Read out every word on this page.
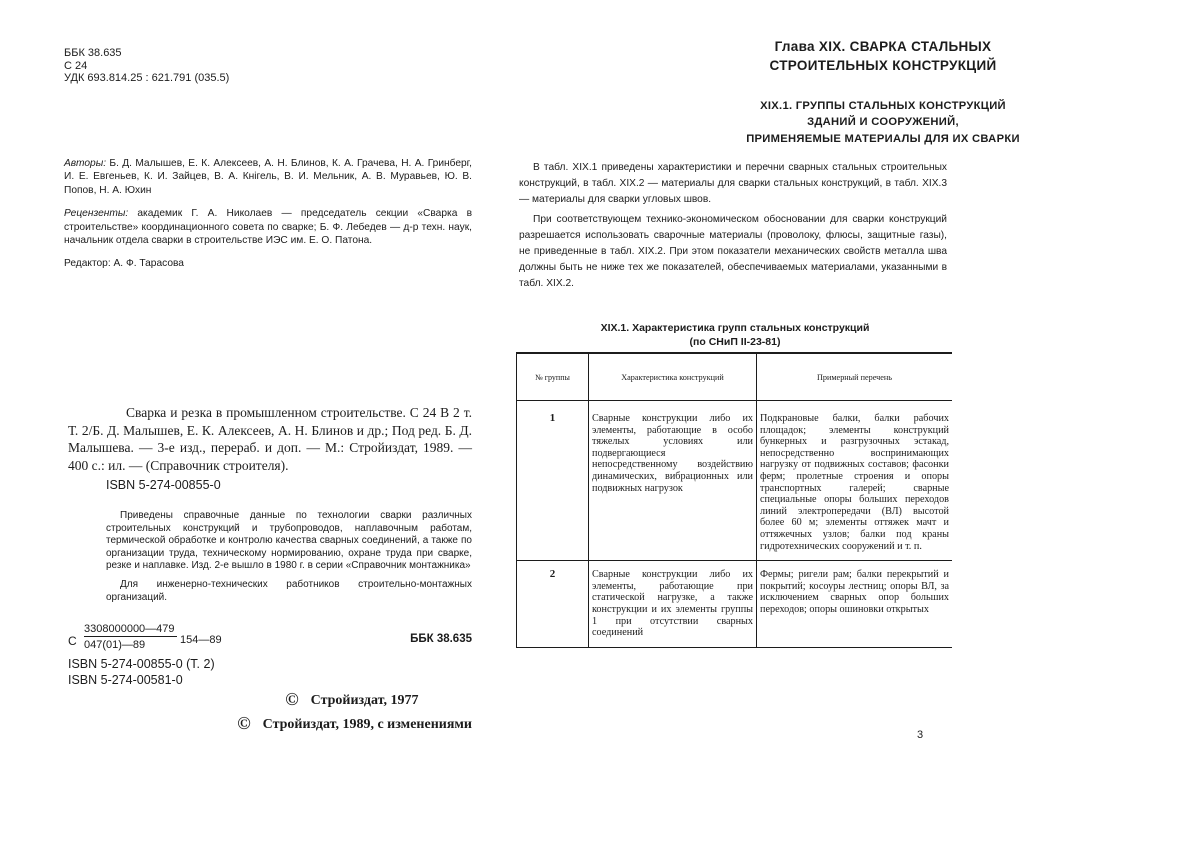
ББК 38.635
С 24
УДК 693.814.25 : 621.791 (035.5)

Авторы: Б. Д. Малышев, Е. К. Алексеев, А. Н. Блинов, К. А. Грачева, Н. А. Гринберг, И. Е. Евгеньев, К. И. Зайцев, В. А. Кнігель, В. И. Мельник, А. В. Муравьев, Ю. В. Попов, Н. А. Юхин

Рецензенты: академик Г. А. Николаев — председатель секции «Сварка в строительстве» координационного совета по сварке; Б. Ф. Лебедев — д-р техн. наук, начальник отдела сварки в строительстве ИЭС им. Е. О. Патона.

Редактор: А. Ф. Тарасова

Сварка и резка в промышленном строительстве. С 24 В 2 т. Т. 2/Б. Д. Малышев, Е. К. Алексеев, А. Н. Блинов и др.; Под ред. Б. Д. Малышева. — 3-е изд., перераб. и доп. — М.: Стройиздат, 1989. — 400 с.: ил. — (Справочник строителя).

ISBN 5-274-00855-0

Приведены справочные данные по технологии сварки различных строительных конструкций и трубопроводов, наплавочным работам, термической обработке и контролю качества сварных соединений, а также по организации труда, техническому нормированию, охране труда при сварке, резке и наплавке. Изд. 2-е вышло в 1980 г. в серии «Справочник монтажника»

Для инженерно-технических работников строительно-монтажных организаций.

С $\frac{3308000000—479}{047(01)—89}$ 154—89	ББК 38.635
ISBN 5-274-00855-0 (Т. 2)
ISBN 5-274-00581-0
© Стройиздат, 1977
© Стройиздат, 1989, с изменениями
Глава XIX. СВАРКА СТАЛЬНЫХ
СТРОИТЕЛЬНЫХ КОНСТРУКЦИЙ
XIX.1. ГРУППЫ СТАЛЬНЫХ КОНСТРУКЦИЙ
ЗДАНИЙ И СООРУЖЕНИЙ,
ПРИМЕНЯЕМЫЕ МАТЕРИАЛЫ ДЛЯ ИХ СВАРКИ

В табл. XIX.1 приведены характеристики и перечни сварных стальных строительных конструкций, в табл. XIX.2 — материалы для сварки стальных конструкций, в табл. XIX.3 — материалы для сварки угловых швов.

При соответствующем технико-экономическом обосновании для сварки конструкций разрешается использовать сварочные материалы (проволоку, флюсы, защитные газы), не приведенные в табл. XIX.2. При этом показатели механических свойств металла шва должны быть не ниже тех же показателей, обеспечиваемых материалами, указанными в табл. XIX.2.

XIX.1. Характеристика групп стальных конструкций
(по СНиП II-23-81)
№ группы	Характеристика конструкций	Примерный перечень
1	Сварные конструкции либо их элементы, работающие в особо тяжелых условиях или подвергающиеся непосредственному воздействию динамических, вибрационных или подвижных нагрузок	Подкрановые балки, балки рабочих площадок; элементы конструкций бункерных и разгрузочных эстакад, непосредственно воспринимающих нагрузку от подвижных составов; фасонки ферм; пролетные строения и опоры транспортных галерей; сварные специальные опоры больших переходов линий электропередачи (ВЛ) высотой более 60 м; элементы оттяжек мачт и оттяжечных узлов; балки под краны гидротехнических сооружений и т. п.
2	Сварные конструкции либо их элементы, работающие при статической нагрузке, а также конструкции и их элементы группы 1 при отсутствии сварных соединений	Фермы; ригели рам; балки перекрытий и покрытий; косоуры лестниц; опоры ВЛ, за исключением сварных опор больших переходов; опоры ошиновки открытых
3
